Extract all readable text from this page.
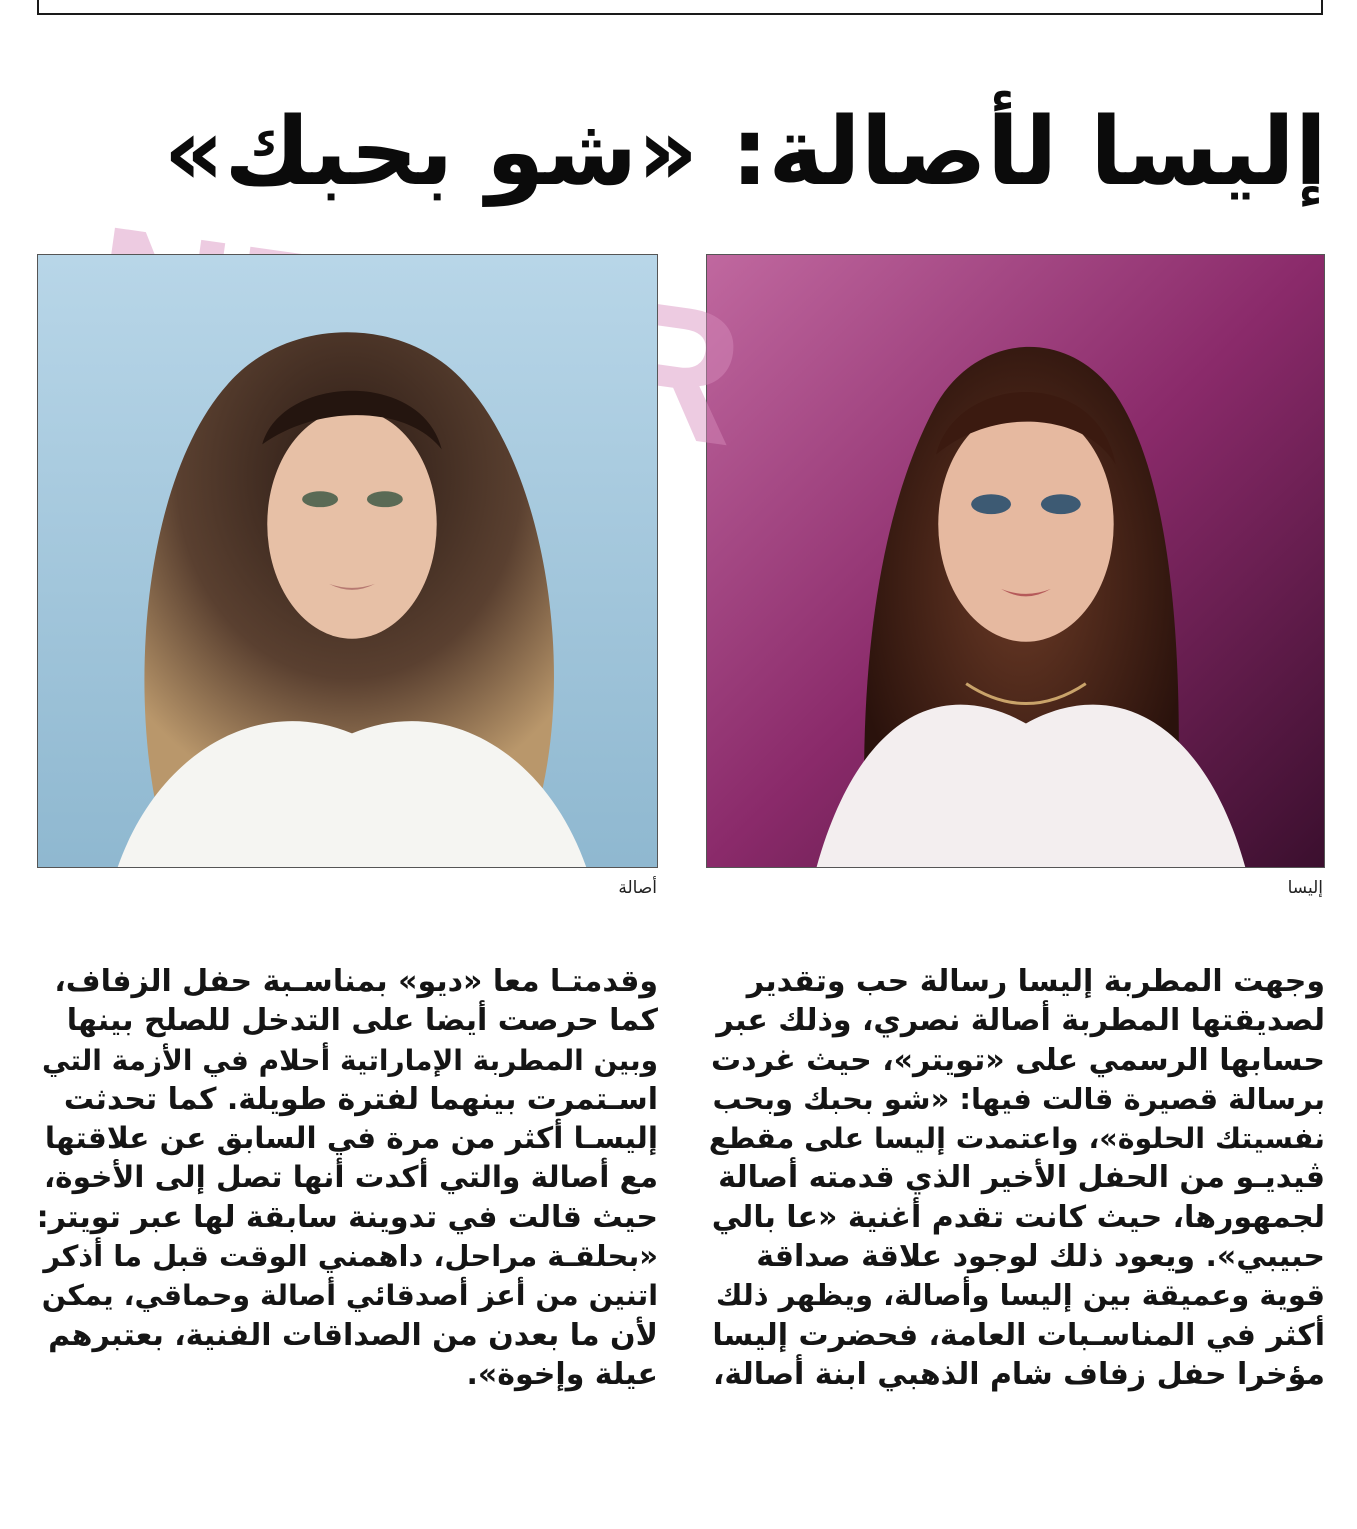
إليسا لأصالة: «شو بحبك»
إليسا
أصالة
وجهت المطربة إليسا رسالة حب وتقدير
لصديقتها المطربة أصالة نصري، وذلك عبر
حسابها الرسمي على «تويتر»، حيث غردت
برسالة قصيرة قالت فيها: «شو بحبك وبحب
نفسيتك الحلوة»، واعتمدت إليسا على مقطع
ڤيديـو من الحفل الأخير الذي قدمته أصالة
لجمهورها، حيث كانت تقدم أغنية «عا بالي
حبيبي». ويعود ذلك لوجود علاقة صداقة
قوية وعميقة بين إليسا وأصالة، ويظهر ذلك
أكثر في المناسـبات العامة، فحضرت إليسا
مؤخرا حفل زفاف شام الذهبي ابنة أصالة،
وقدمتـا معا «ديو» بمناسـبة حفل الزفاف،
كما حرصت أيضا على التدخل للصلح بينها
وبين المطربة الإماراتية أحلام في الأزمة التي
اسـتمرت بينهما لفترة طويلة. كما تحدثت
إليسـا أكثر من مرة في السابق عن علاقتها
مع أصالة والتي أكدت أنها تصل إلى الأخوة،
حيث قالت في تدوينة سابقة لها عبر تويتر:
«بحلقـة مراحل، داهمني الوقت قبل ما أذكر
اتنين من أعز أصدقائي أصالة وحماقي، يمكن
لأن ما بعدن من الصداقات الفنية، بعتبرهم
عيلة وإخوة».
